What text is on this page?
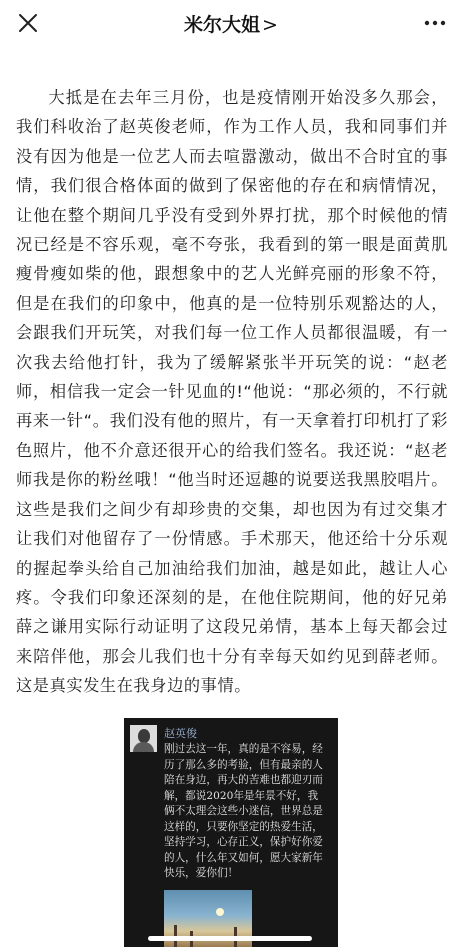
米尔大姐 >

大抵是在去年三月份，也是疫情刚开始没多久那会，我们科收治了赵英俊老师，作为工作人员，我和同事们并没有因为他是一位艺人而去喧嚣激动，做出不合时宜的事情，我们很合格体面的做到了保密他的存在和病情情况，让他在整个期间几乎没有受到外界打扰，那个时候他的情况已经是不容乐观，毫不夸张，我看到的第一眼是面黄肌瘦骨瘦如柴的他，跟想象中的艺人光鲜亮丽的形象不符，但是在我们的印象中，他真的是一位特别乐观豁达的人，会跟我们开玩笑，对我们每一位工作人员都很温暖，有一次我去给他打针，我为了缓解紧张半开玩笑的说：“赵老师，相信我一定会一针见血的!“他说：“那必须的，不行就再来一针“。我们没有他的照片，有一天拿着打印机打了彩色照片，他不介意还很开心的给我们签名。我还说：“赵老师我是你的粉丝哦！“他当时还逗趣的说要送我黑胶唱片。这些是我们之间少有却珍贵的交集，却也因为有过交集才让我们对他留存了一份情感。手术那天，他还给十分乐观的握起拳头给自己加油给我们加油，越是如此，越让人心疼。令我们印象还深刻的是，在他住院期间，他的好兄弟薛之谦用实际行动证明了这段兄弟情，基本上每天都会过来陪伴他，那会儿我们也十分有幸每天如约见到薛老师。这是真实发生在我身边的事情。

赵英俊
刚过去这一年，真的是不容易，经历了那么多的考验，但有最亲的人陪在身边，再大的苦难也都迎刃而解，都说2020年是年景不好，我俩不太理会这些小迷信，世界总是这样的，只要你坚定的热爱生活，坚持学习，心存正义，保护好你爱的人，什么年又如何，愿大家新年快乐，爱你们！
